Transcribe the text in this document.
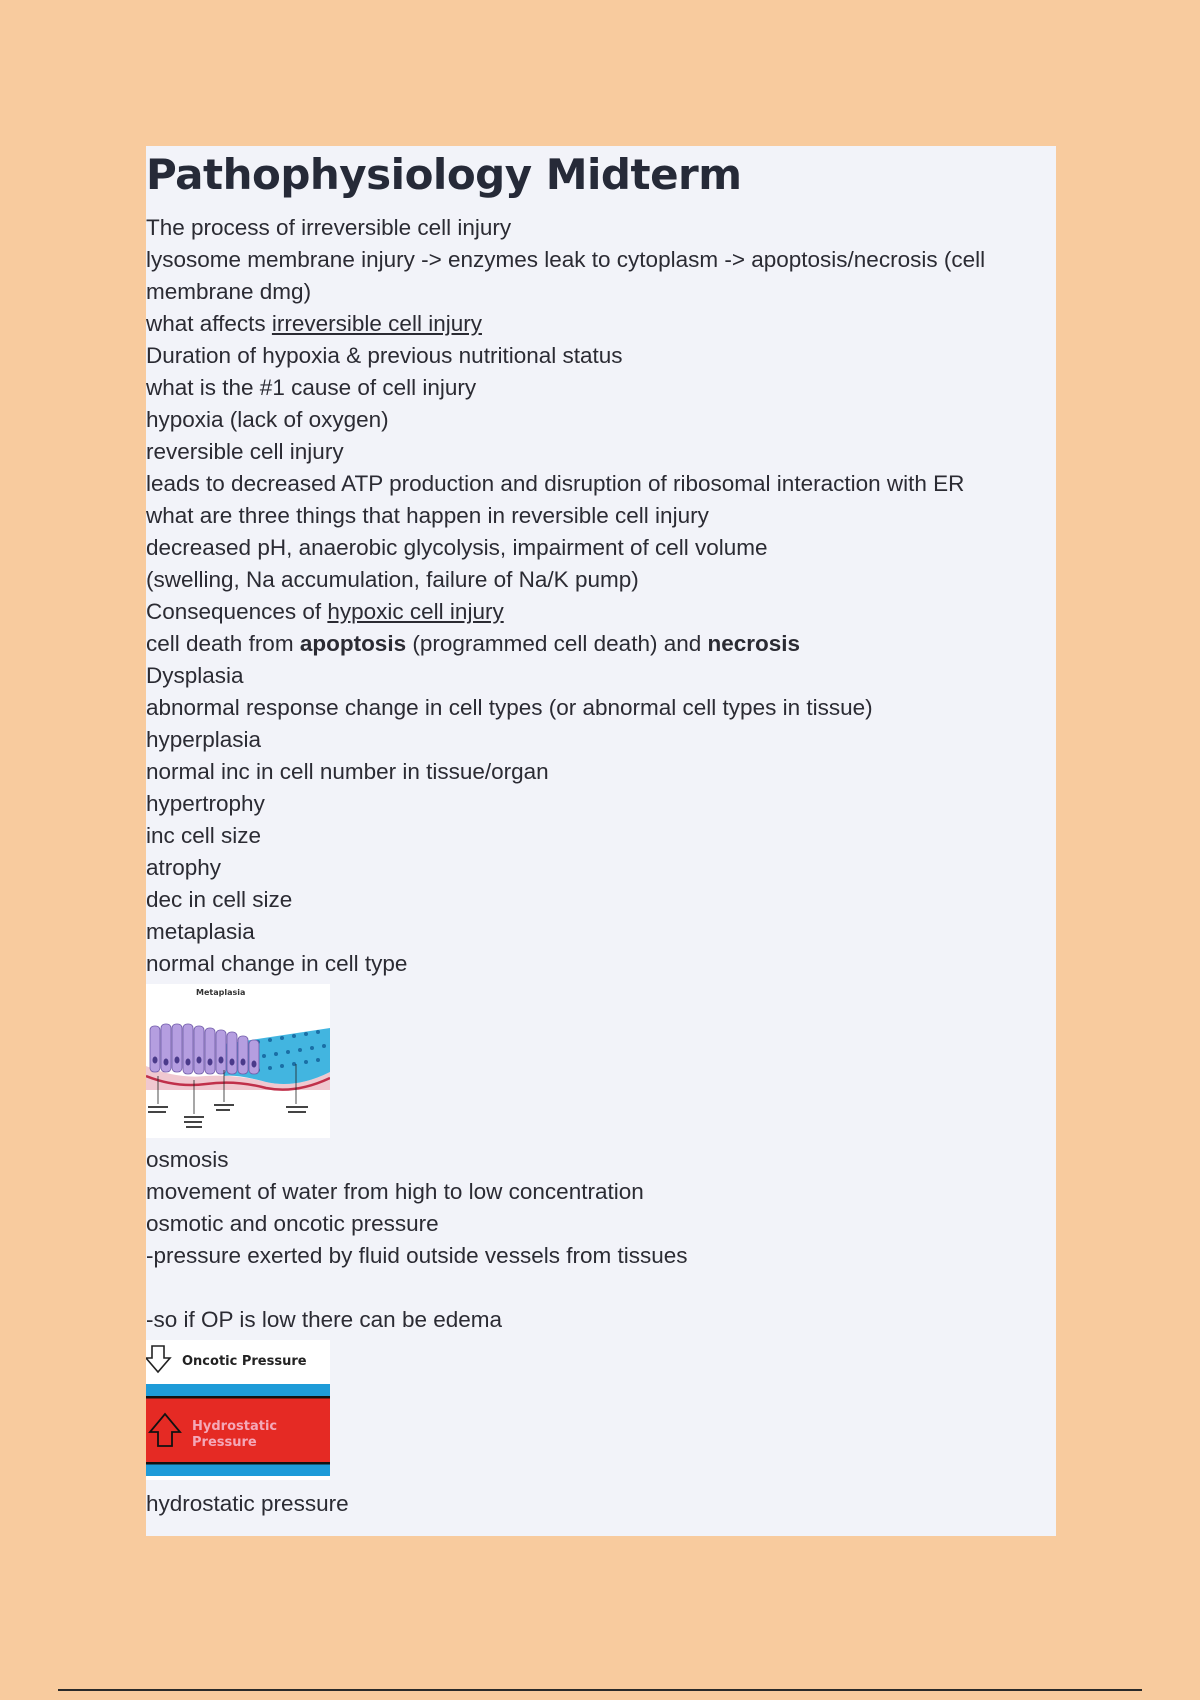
Pathophysiology Midterm
The process of irreversible cell injury
lysosome membrane injury -> enzymes leak to cytoplasm -> apoptosis/necrosis (cell membrane dmg)
what affects irreversible cell injury
Duration of hypoxia & previous nutritional status
what is the #1 cause of cell injury
hypoxia (lack of oxygen)
reversible cell injury
leads to decreased ATP production and disruption of ribosomal interaction with ER
what are three things that happen in reversible cell injury
decreased pH, anaerobic glycolysis, impairment of cell volume
(swelling, Na accumulation, failure of Na/K pump)
Consequences of hypoxic cell injury
cell death from apoptosis (programmed cell death) and necrosis
Dysplasia
abnormal response change in cell types (or abnormal cell types in tissue)
hyperplasia
normal inc in cell number in tissue/organ
hypertrophy
inc cell size
atrophy
dec in cell size
metaplasia
normal change in cell type
Metaplasia
osmosis
movement of water from high to low concentration
osmotic and oncotic pressure
-pressure exerted by fluid outside vessels from tissues
-so if OP is low there can be edema
Oncotic Pressure
Hydrostatic
Pressure
hydrostatic pressure
